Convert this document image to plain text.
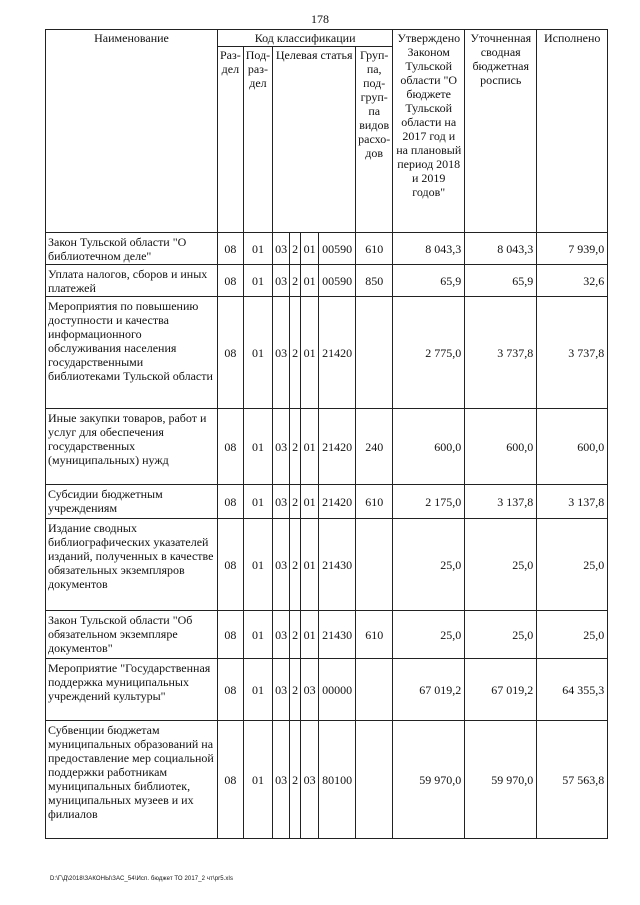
178
Наименование	Код классификации							Утверждено Законом Тульской области "О бюджете Тульской области на 2017 год и на плановый период 2018 и 2019 годов"	Уточненная сводная бюджетная роспись	Исполнено
	Раз-дел	Под-раз-дел	Целевая статья				Груп-па, под-груп-па видов расхо-дов			
Закон Тульской области "О библиотечном деле"	08	01	03	2	01	00590	610	8 043,3	8 043,3	7 939,0
Уплата налогов, сборов и иных платежей	08	01	03	2	01	00590	850	65,9	65,9	32,6
Мероприятия по повышению доступности и качества информационного обслуживания населения государственными библиотеками Тульской области	08	01	03	2	01	21420		2 775,0	3 737,8	3 737,8
Иные закупки товаров, работ и услуг для обеспечения государственных (муниципальных) нужд	08	01	03	2	01	21420	240	600,0	600,0	600,0
Субсидии бюджетным учреждениям	08	01	03	2	01	21420	610	2 175,0	3 137,8	3 137,8
Издание сводных библиографических указателей изданий, полученных в качестве обязательных экземпляров документов	08	01	03	2	01	21430		25,0	25,0	25,0
Закон Тульской области "Об обязательном экземпляре документов"	08	01	03	2	01	21430	610	25,0	25,0	25,0
Мероприятие "Государственная поддержка муниципальных учреждений культуры"	08	01	03	2	03	00000		67 019,2	67 019,2	64 355,3
Субвенции бюджетам муниципальных образований на предоставление мер социальной поддержки работникам муниципальных библиотек, муниципальных музеев и их филиалов	08	01	03	2	03	80100		59 970,0	59 970,0	57 563,8
D:\Г\Д\2018\ЗАКОНЫ\ЗАС_54\Исп. бюджет ТО 2017_2 чт\pr5.xls
